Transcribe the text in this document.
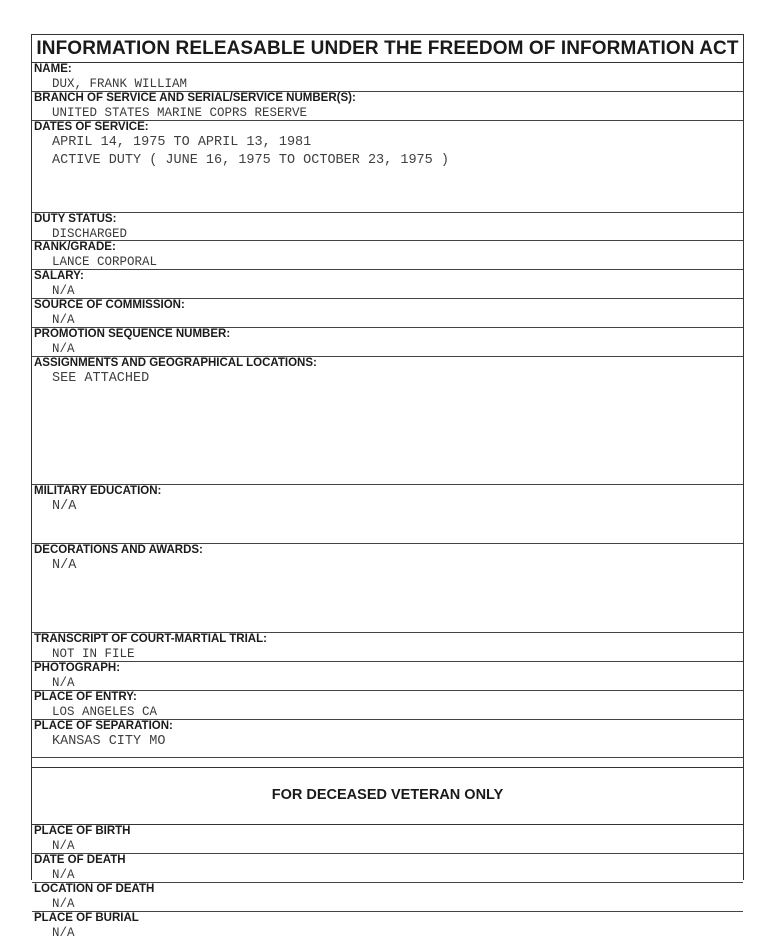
INFORMATION RELEASABLE UNDER THE FREEDOM OF INFORMATION ACT
NAME:
DUX, FRANK WILLIAM
BRANCH OF SERVICE AND SERIAL/SERVICE NUMBER(S):
UNITED STATES MARINE COPRS RESERVE
DATES OF SERVICE:
APRIL 14, 1975 TO APRIL 13, 1981
ACTIVE DUTY ( JUNE 16, 1975 TO OCTOBER 23, 1975 )
DUTY STATUS:
DISCHARGED
RANK/GRADE:
LANCE CORPORAL
SALARY:
N/A
SOURCE OF COMMISSION:
N/A
PROMOTION SEQUENCE NUMBER:
N/A
ASSIGNMENTS AND GEOGRAPHICAL LOCATIONS:
SEE ATTACHED
MILITARY EDUCATION:
N/A
DECORATIONS AND AWARDS:
N/A
TRANSCRIPT OF COURT-MARTIAL TRIAL:
NOT IN FILE
PHOTOGRAPH:
N/A
PLACE OF ENTRY:
LOS ANGELES CA
PLACE OF SEPARATION:
KANSAS CITY MO
FOR DECEASED VETERAN ONLY
PLACE OF BIRTH
N/A
DATE OF DEATH
N/A
LOCATION OF DEATH
N/A
PLACE OF BURIAL
N/A
